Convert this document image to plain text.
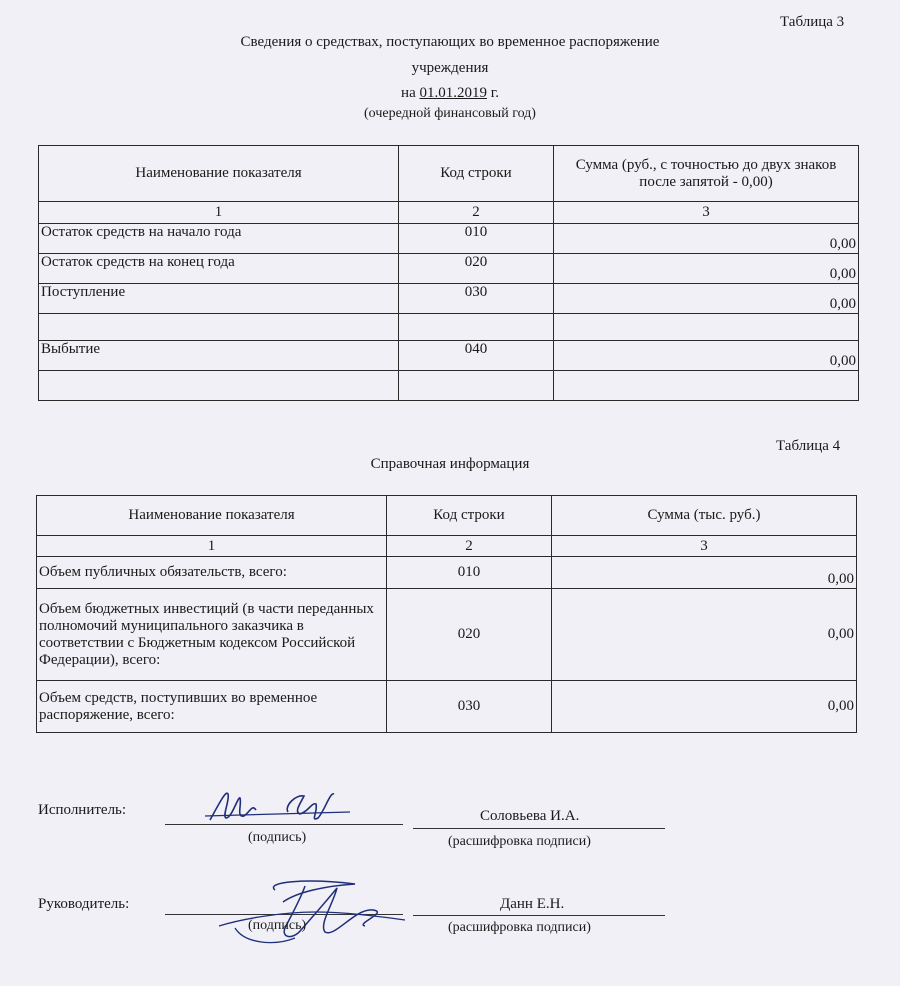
Таблица 3
Сведения о средствах, поступающих во временное распоряжение
учреждения
на 01.01.2019 г.
(очередной финансовый год)
Наименование показателя	Код строки	Сумма (руб., с точностью до двух знаков после запятой - 0,00)
1	2	3
Остаток средств на начало года	010	0,00
Остаток средств на конец года	020	0,00
Поступление	030	0,00

Выбытие	040	0,00

Таблица 4
Справочная информация
Наименование показателя	Код строки	Сумма (тыс. руб.)
1	2	3
Объем публичных обязательств, всего:	010	0,00
Объем бюджетных инвестиций (в части переданных полномочий муниципального заказчика в соответствии с Бюджетным кодексом Российской Федерации), всего:	020	0,00
Объем средств, поступивших во временное распоряжение, всего:	030	0,00
Исполнитель:
(подпись)
Соловьева И.А.
(расшифровка подписи)
Руководитель:
(подпись)
Данн Е.Н.
(расшифровка подписи)
